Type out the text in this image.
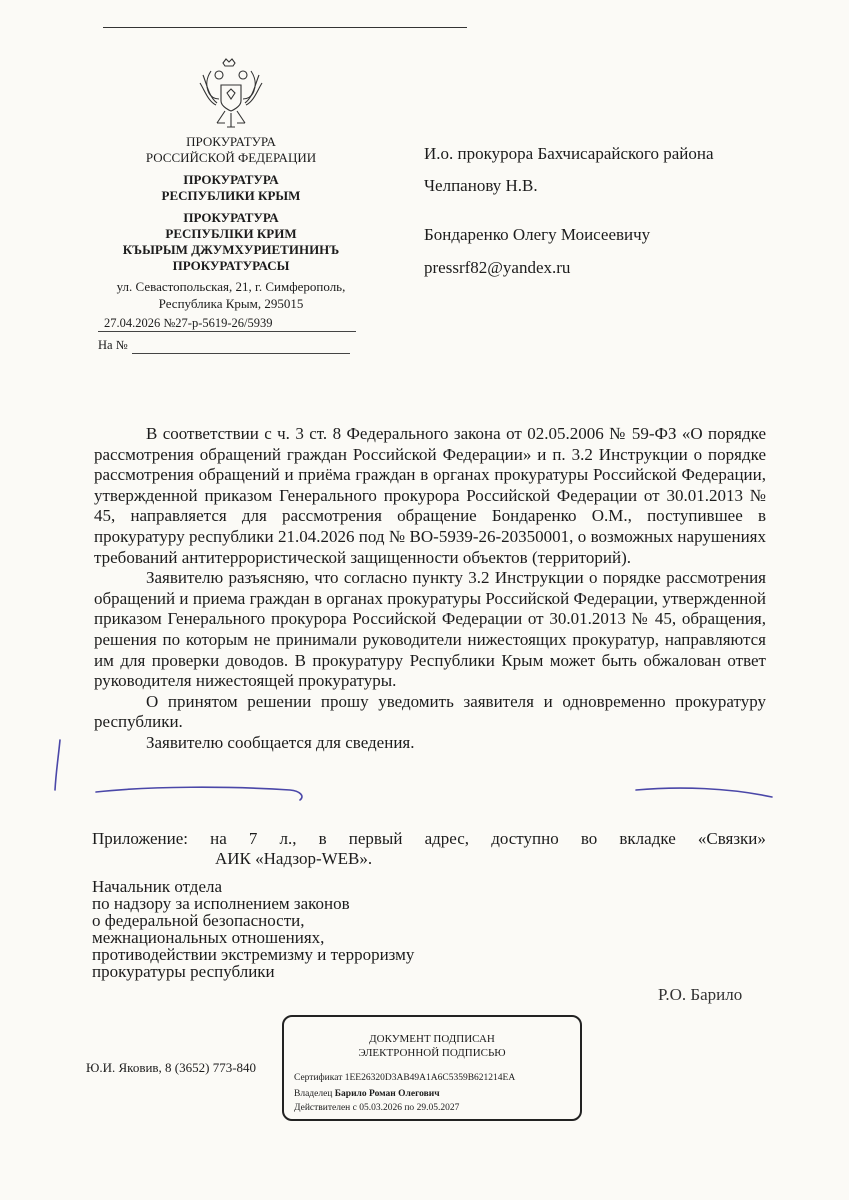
ПРОКУРАТУРА
РОССИЙСКОЙ ФЕДЕРАЦИИ
ПРОКУРАТУРА
РЕСПУБЛИКИ КРЫМ
ПРОКУРАТУРА
РЕСПУБЛІКИ КРИМ
КЪЫРЫМ ДЖУМХУРИЕТИНИНЪ
ПРОКУРАТУРАСЫ
ул. Севастопольская, 21, г. Симферополь,
Республика Крым, 295015
27.04.2026 №27-р-5619-26/5939
На №
И.о. прокурора Бахчисарайского района
Челпанову Н.В.
Бондаренко Олегу Моисеевичу
pressrf82@yandex.ru

В соответствии с ч. 3 ст. 8 Федерального закона от 02.05.2006 № 59-ФЗ «О порядке рассмотрения обращений граждан Российской Федерации» и п. 3.2 Инструкции о порядке рассмотрения обращений и приёма граждан в органах прокуратуры Российской Федерации, утвержденной приказом Генерального прокурора Российской Федерации от 30.01.2013 № 45, направляется для рассмотрения обращение Бондаренко О.М., поступившее в прокуратуру республики 21.04.2026 под № ВО-5939-26-20350001, о возможных нарушениях требований антитеррористической защищенности объектов (территорий).

Заявителю разъясняю, что согласно пункту 3.2 Инструкции о порядке рассмотрения обращений и приема граждан в органах прокуратуры Российской Федерации, утвержденной приказом Генерального прокурора Российской Федерации от 30.01.2013 № 45, обращения, решения по которым не принимали руководители нижестоящих прокуратур, направляются им для проверки доводов. В прокуратуру Республики Крым может быть обжалован ответ руководителя нижестоящей прокуратуры.

О принятом решении прошу уведомить заявителя и одновременно прокуратуру республики.

Заявителю сообщается для сведения.

Приложение: на 7 л., в первый адрес, доступно во вкладке «Связки»
АИК «Надзор-WEB».
Начальник отдела
по надзору за исполнением законов
о федеральной безопасности,
межнациональных отношениях,
противодействии экстремизму и терроризму
прокуратуры республики
Р.О. Барило
Ю.И. Яковив, 8 (3652) 773-840
ДОКУМЕНТ ПОДПИСАН
ЭЛЕКТРОННОЙ ПОДПИСЬЮ
Сертификат 1EE26320D3AB49A1A6C5359B621214EA
Владелец Барило Роман Олегович
Действителен с 05.03.2026 по 29.05.2027
